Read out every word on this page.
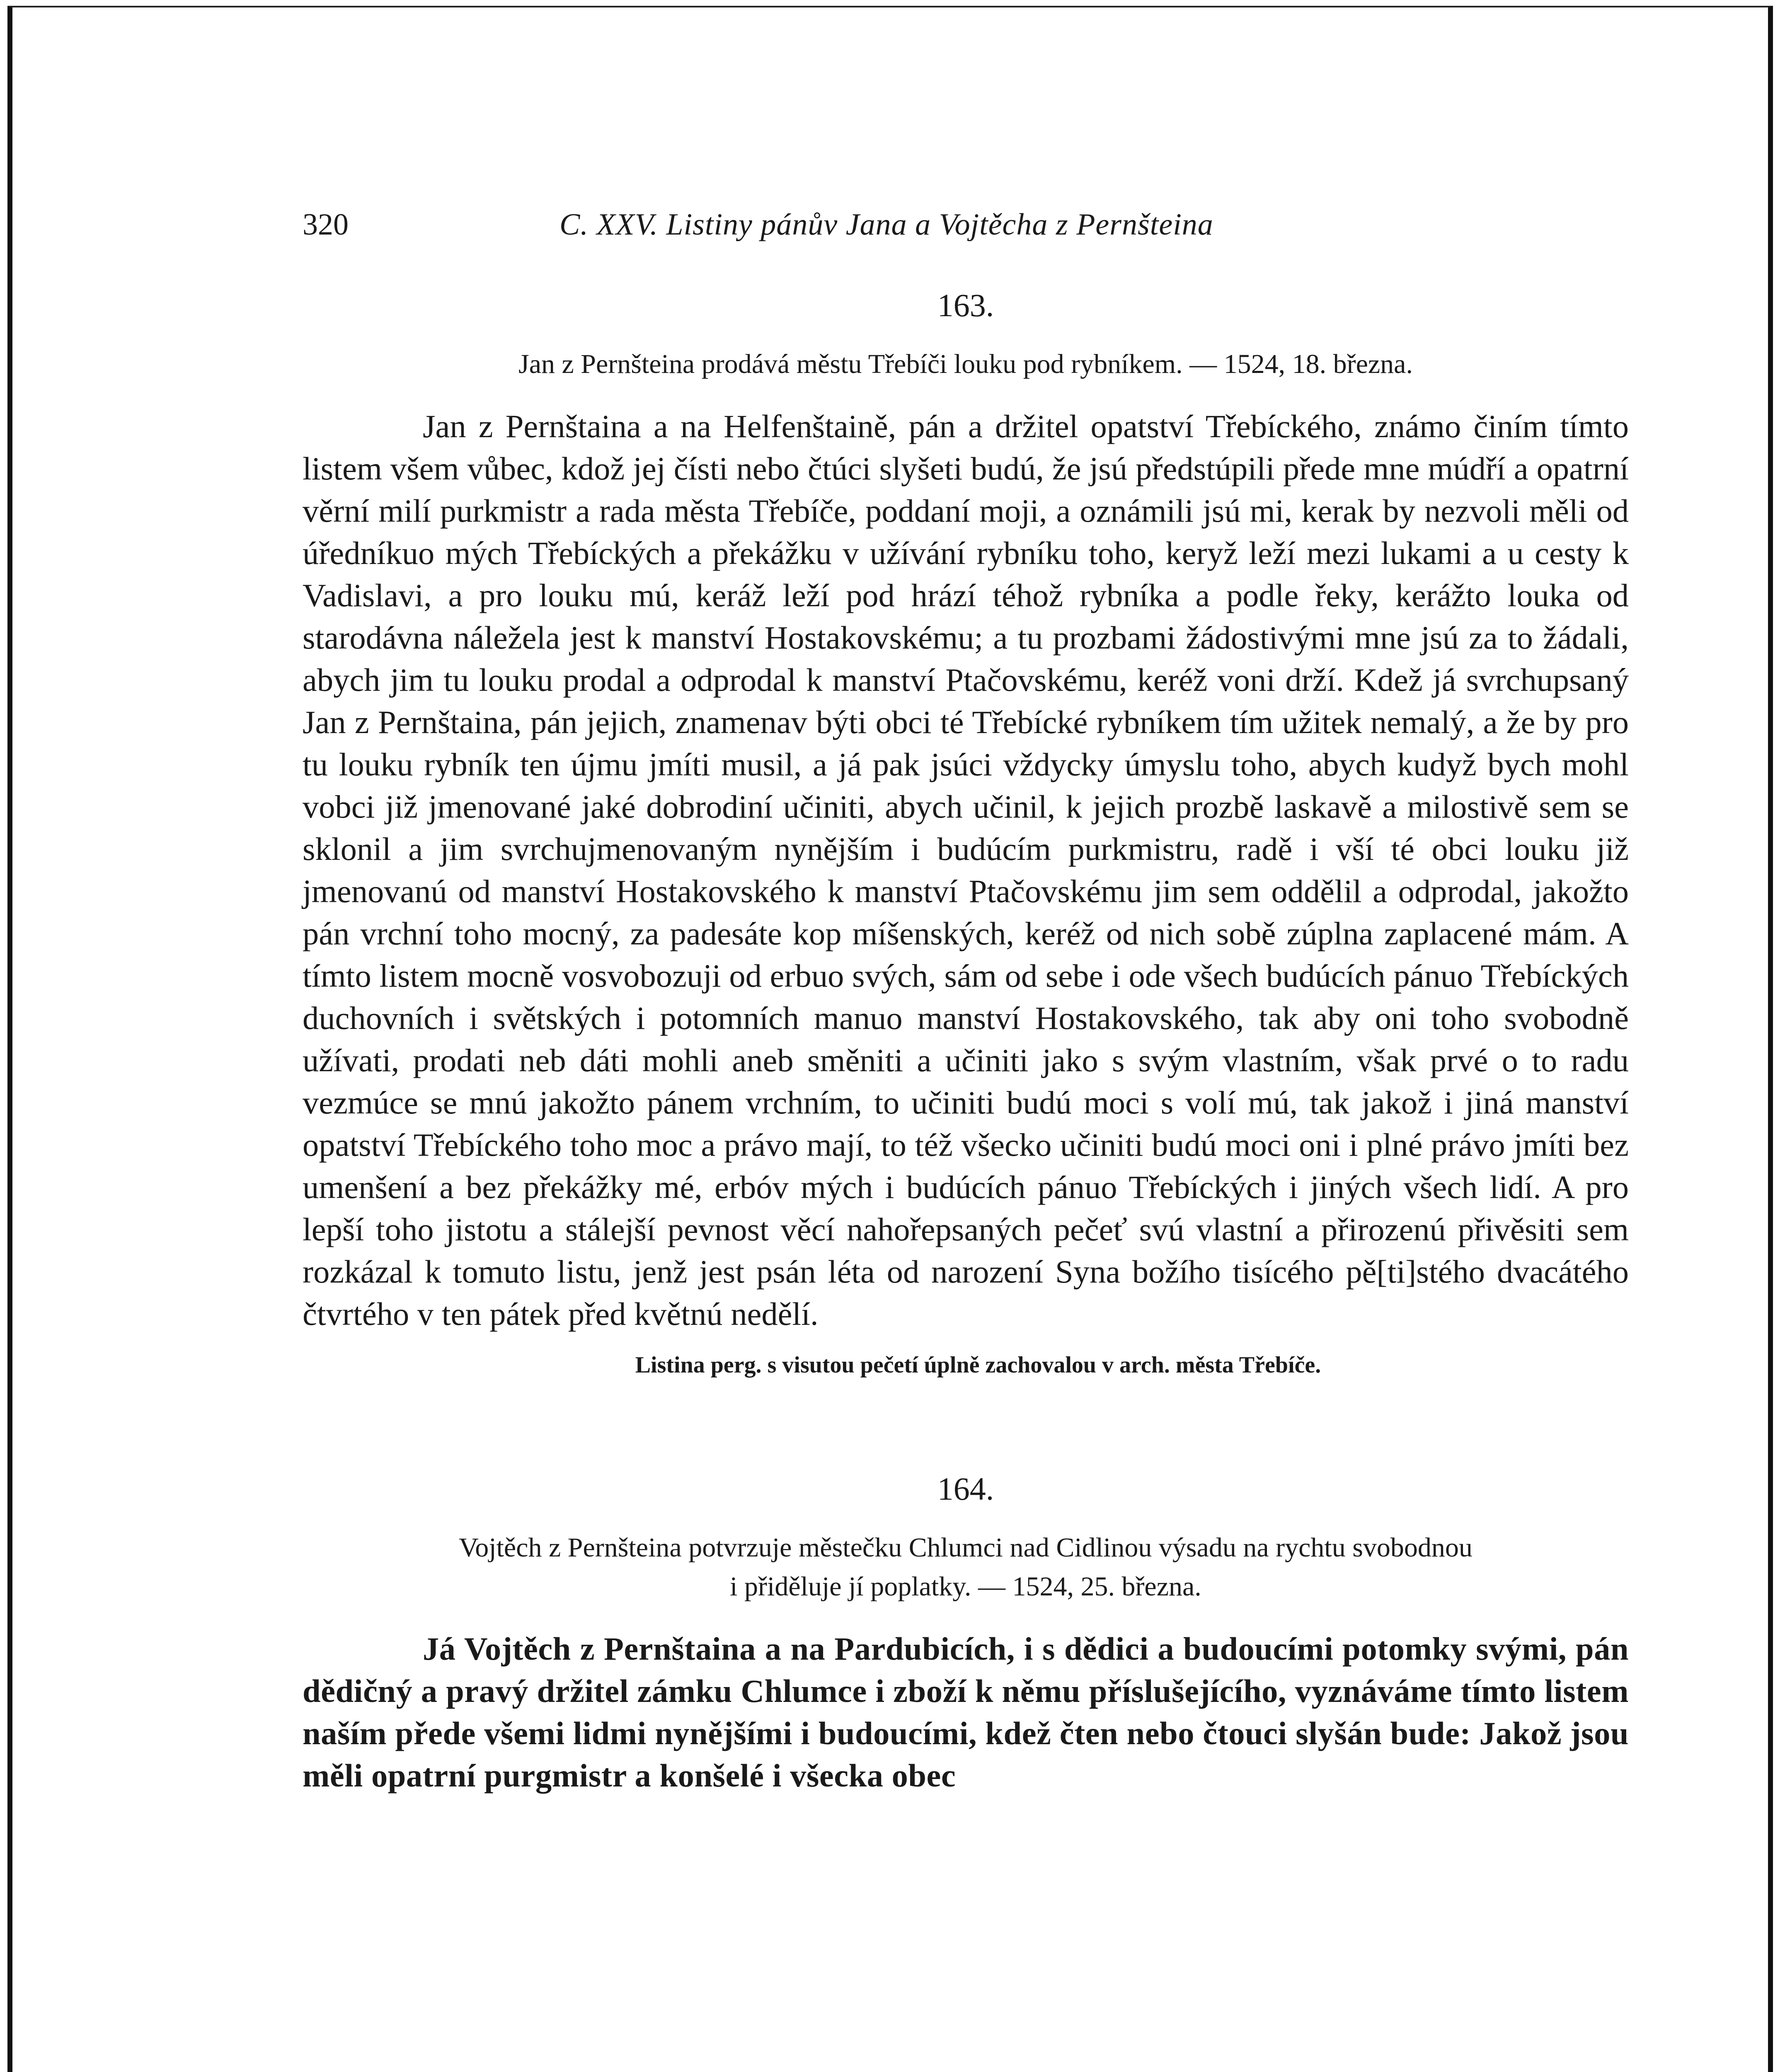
320	C. XXV. Listiny pánův Jana a Vojtěcha z Pernšteina
163.
Jan z Pernšteina prodává městu Třebíči louku pod rybníkem. — 1524, 18. března.

Jan z Pernštaina a na Helfenštaině, pán a držitel opatství Třebíckého, známo činím tímto listem všem vůbec, kdož jej čísti nebo čtúci slyšeti budú, že jsú předstúpili přede mne múdří a opatrní věrní milí purkmistr a rada města Třebíče, poddaní moji, a oznámili jsú mi, kerak by nezvoli měli od úředníkuo mých Třebíckých a překážku v užívání rybníku toho, keryž leží mezi lukami a u cesty k Vadislavi, a pro louku mú, keráž leží pod hrází téhož rybníka a podle řeky, kerážto louka od starodávna náležela jest k manství Hostakovskému; a tu prozbami žádostivými mne jsú za to žádali, abych jim tu louku prodal a odprodal k manství Ptačovskému, keréž voni drží. Kdež já svrchupsaný Jan z Pernštaina, pán jejich, znamenav býti obci té Třebícké rybníkem tím užitek nemalý, a že by pro tu louku rybník ten újmu jmíti musil, a já pak jsúci vždycky úmyslu toho, abych kudyž bych mohl vobci již jmenované jaké dobrodiní učiniti, abych učinil, k jejich prozbě laskavě a milostivě sem se sklonil a jim svrchujmenovaným nynějším i budúcím purkmistru, radě i vší té obci louku již jmenovanú od manství Hostakovského k manství Ptačovskému jim sem oddělil a odprodal, jakožto pán vrchní toho mocný, za padesáte kop míšenských, keréž od nich sobě zúplna zaplacené mám. A tímto listem mocně vosvobozuji od erbuo svých, sám od sebe i ode všech budúcích pánuo Třebíckých duchovních i světských i potomních manuo manství Hostakovského, tak aby oni toho svobodně užívati, prodati neb dáti mohli aneb směniti a učiniti jako s svým vlastním, však prvé o to radu vezmúce se mnú jakožto pánem vrchním, to učiniti budú moci s volí mú, tak jakož i jiná manství opatství Třebíckého toho moc a právo mají, to též všecko učiniti budú moci oni i plné právo jmíti bez umenšení a bez překážky mé, erbóv mých i budúcích pánuo Třebíckých i jiných všech lidí. A pro lepší toho jistotu a stálejší pevnost věcí nahořepsaných pečeť svú vlastní a přirozenú přivěsiti sem rozkázal k tomuto listu, jenž jest psán léta od narození Syna božího tisícého pě[ti]stého dvacátého čtvrtého v ten pátek před květnú nedělí.

Listina perg. s visutou pečetí úplně zachovalou v arch. města Třebíče.
164.
Vojtěch z Pernšteina potvrzuje městečku Chlumci nad Cidlinou výsadu na rychtu svobodnou
i přiděluje jí poplatky. — 1524, 25. března.

Já Vojtěch z Pernštaina a na Pardubicích, i s dědici a budoucími potomky svými, pán dědičný a pravý držitel zámku Chlumce i zboží k němu příslušejícího, vyznáváme tímto listem naším přede všemi lidmi nynějšími i budoucími, kdež čten nebo čtouci slyšán bude: Jakož jsou měli opatrní purgmistr a konšelé i všecka obec
